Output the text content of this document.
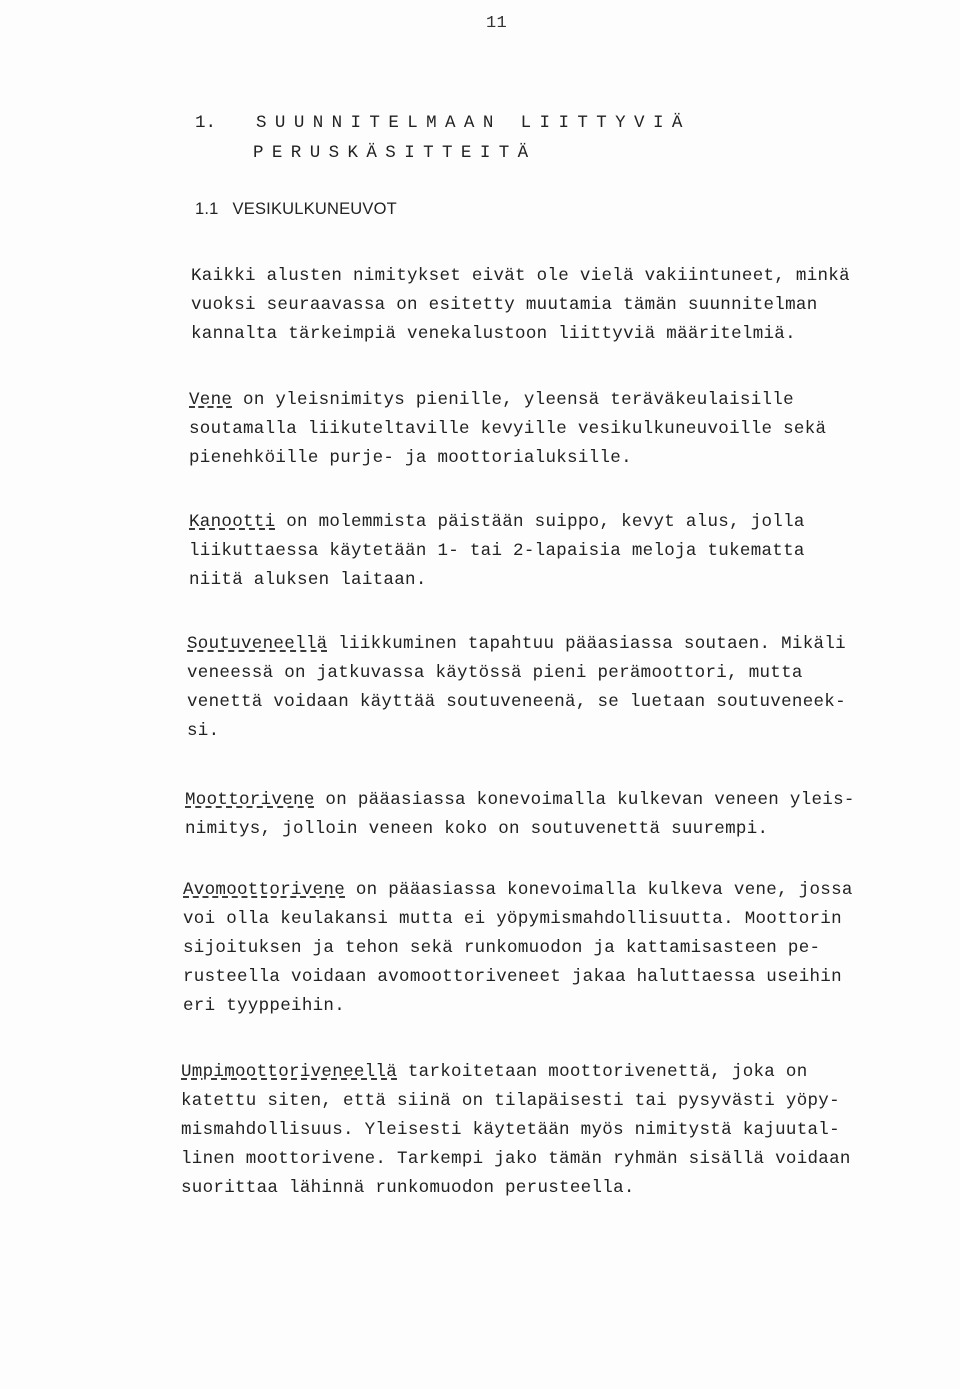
11
1. SUUNNITELMAAN LIITTYVIÄ
PERUSKÄSITTEITÄ
1.1 VESIKULKUNEUVOT

Kaikki alusten nimitykset eivät ole vielä vakiintuneet, minkä
vuoksi seuraavassa on esitetty muutamia tämän suunnitelman
kannalta tärkeimpiä venekalustoon liittyviä määritelmiä.

Vene on yleisnimitys pienille, yleensä teräväkeulaisille
soutamalla liikuteltaville kevyille vesikulkuneuvoille sekä
pienehköille purje- ja moottorialuksille.

Kanootti on molemmista päistään suippo, kevyt alus, jolla
liikuttaessa käytetään 1- tai 2-lapaisia meloja tukematta
niitä aluksen laitaan.

Soutuveneellä liikkuminen tapahtuu pääasiassa soutaen. Mikäli
veneessä on jatkuvassa käytössä pieni perämoottori, mutta
venettä voidaan käyttää soutuveneenä, se luetaan soutuveneek-
si.

Moottorivene on pääasiassa konevoimalla kulkevan veneen yleis-
nimitys, jolloin veneen koko on soutuvenettä suurempi.

Avomoottorivene on pääasiassa konevoimalla kulkeva vene, jossa
voi olla keulakansi mutta ei yöpymismahdollisuutta. Moottorin
sijoituksen ja tehon sekä runkomuodon ja kattamisasteen pe-
rusteella voidaan avomoottoriveneet jakaa haluttaessa useihin
eri tyyppeihin.

Umpimoottoriveneellä tarkoitetaan moottorivenettä, joka on
katettu siten, että siinä on tilapäisesti tai pysyvästi yöpy-
mismahdollisuus. Yleisesti käytetään myös nimitystä kajuutal-
linen moottorivene. Tarkempi jako tämän ryhmän sisällä voidaan
suorittaa lähinnä runkomuodon perusteella.
